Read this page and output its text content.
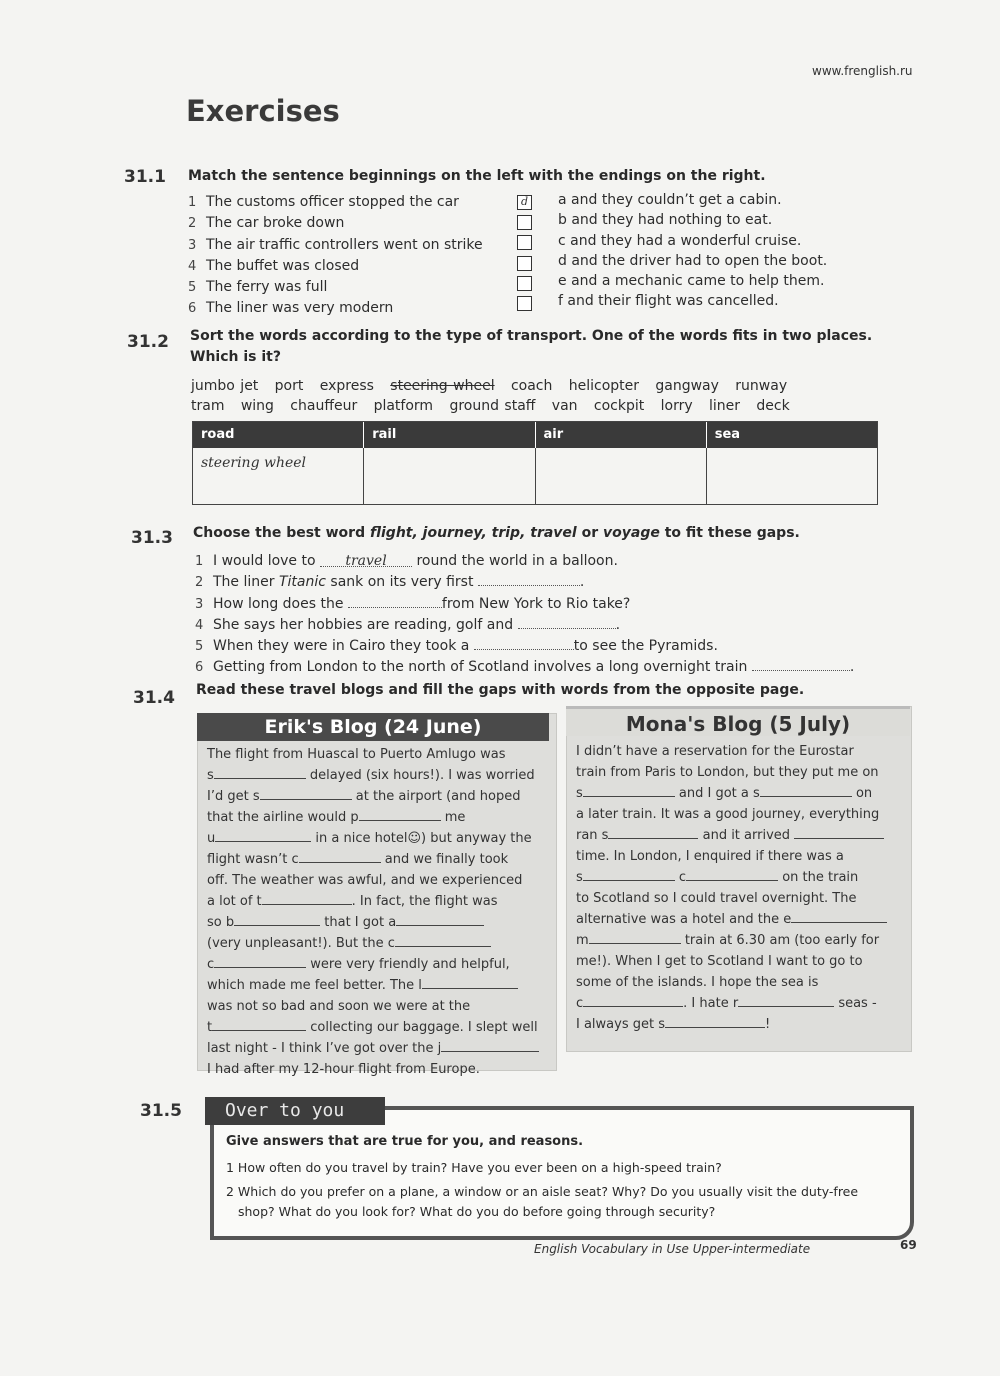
www.frenglish.ru
Exercises
31.1 Match the sentence beginnings on the left with the endings on the right.
1 The customs officer stopped the car
2 The car broke down
3 The air traffic controllers went on strike
4 The buffet was closed
5 The ferry was full
6 The liner was very modern
d a and they couldn’t get a cabin.
b and they had nothing to eat.
c and they had a wonderful cruise.
d and the driver had to open the boot.
e and a mechanic came to help them.
f and their flight was cancelled.
31.2 Sort the words according to the type of transport. One of the words fits in two places.
Which is it?
jumbo jet port express steering wheel coach helicopter gangway runway
tram wing chauffeur platform ground staff van cockpit lorry liner deck
road	rail	air	sea
steering wheel
31.3 Choose the best word flight, journey, trip, travel or voyage to fit these gaps.
1 I would love to travel round the world in a balloon.
2 The liner Titanic sank on its very first	.
3 How long does the	from New York to Rio take?
4 She says her hobbies are reading, golf and	.
5 When they were in Cairo they took a	to see the Pyramids.
6 Getting from London to the north of Scotland involves a long overnight train	.
31.4 Read these travel blogs and fill the gaps with words from the opposite page.
Erik's Blog (24 June)
The flight from Huascal to Puerto Amlugo was
s	delayed (six hours!). I was worried
I’d get s	at the airport (and hoped
that the airline would p	me
u	in a nice hotel☺) but anyway the
flight wasn’t c	and we finally took
off. The weather was awful, and we experienced
a lot of t	. In fact, the flight was
so b	that I got a
(very unpleasant!). But the c
c	were very friendly and helpful,
which made me feel better. The l
was not so bad and soon we were at the
t	collecting our baggage. I slept well
last night - I think I’ve got over the j
I had after my 12-hour flight from Europe.
Mona's Blog (5 July)
I didn’t have a reservation for the Eurostar
train from Paris to London, but they put me on
s	and I got a s	on
a later train. It was a good journey, everything
ran s	and it arrived
time. In London, I enquired if there was a
s	c	on the train
to Scotland so I could travel overnight. The
alternative was a hotel and the e
m	train at 6.30 am (too early for
me!). When I get to Scotland I want to go to
some of the islands. I hope the sea is
c	. I hate r	seas -
I always get s	!
31.5	Over to you
Give answers that are true for you, and reasons.
1 How often do you travel by train? Have you ever been on a high-speed train?
2 Which do you prefer on a plane, a window or an aisle seat? Why? Do you usually visit the duty-free
shop? What do you look for? What do you do before going through security?
English Vocabulary in Use Upper-intermediate	69
